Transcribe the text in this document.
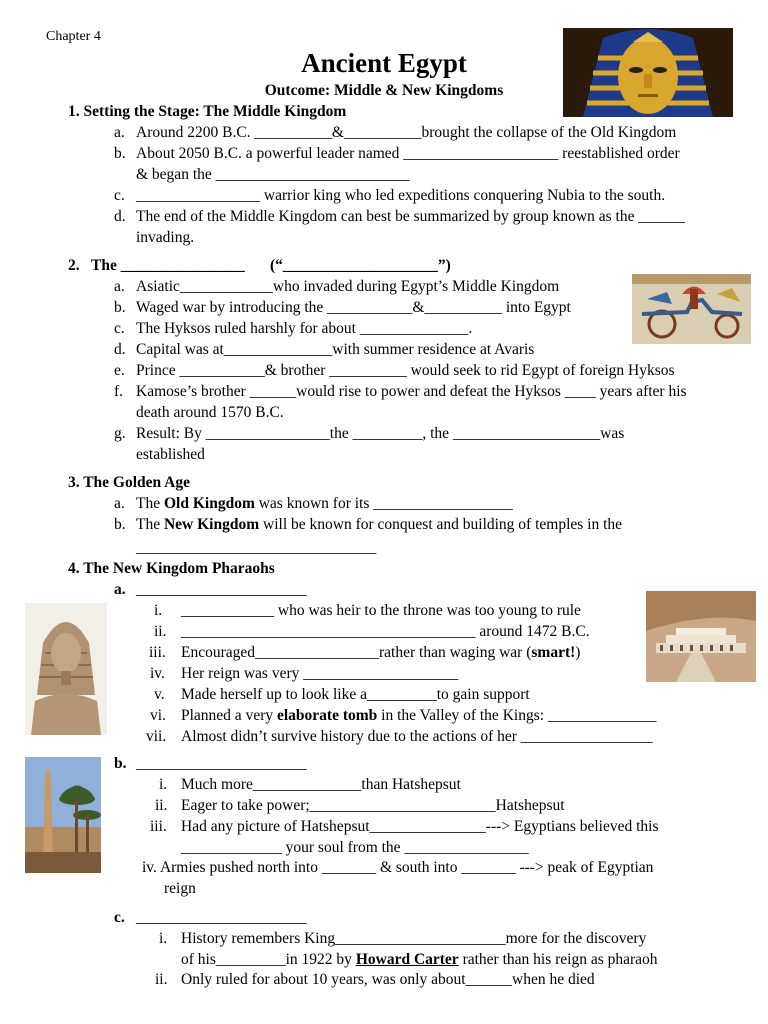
Chapter 4
Ancient Egypt
Outcome: Middle & New Kingdoms
1. Setting the Stage: The Middle Kingdom
a. Around 2200 B.C. __________&__________brought the collapse of the Old Kingdom
b. About 2050 B.C. a powerful leader named ____________________ reestablished order
& began the _________________________
c. ________________ warrior king who led expeditions conquering Nubia to the south.
d. The end of the Middle Kingdom can best be summarized by group known as the ______
invading.
2. The ________________ (“____________________”)
a. Asiatic____________who invaded during Egypt’s Middle Kingdom
b. Waged war by introducing the ___________&__________ into Egypt
c. The Hyksos ruled harshly for about ______________.
d. Capital was at______________with summer residence at Avaris
e. Prince ___________& brother __________ would seek to rid Egypt of foreign Hyksos
f. Kamose’s brother ______would rise to power and defeat the Hyksos ____ years after his
death around 1570 B.C.
g. Result: By ________________the _________, the ___________________was
established
3. The Golden Age
a. The Old Kingdom was known for its __________________
b. The New Kingdom will be known for conquest and building of temples in the
_______________________________
4. The New Kingdom Pharaohs
a. ______________________
i. ____________ who was heir to the throne was too young to rule
ii. ______________________________________ around 1472 B.C.
iii. Encouraged________________rather than waging war (smart!)
iv. Her reign was very ____________________
v. Made herself up to look like a_________to gain support
vi. Planned a very elaborate tomb in the Valley of the Kings: ______________
vii. Almost didn’t survive history due to the actions of her _________________
b. ______________________
i. Much more______________than Hatshepsut
ii. Eager to take power;________________________Hatshepsut
iii. Had any picture of Hatshepsut_______________---> Egyptians believed this
_____________ your soul from the ________________
iv. Armies pushed north into _______ & south into _______ ---> peak of Egyptian
reign
c. ______________________
i. History remembers King______________________more for the discovery
of his_________in 1922 by Howard Carter rather than his reign as pharaoh
ii. Only ruled for about 10 years, was only about______when he died
